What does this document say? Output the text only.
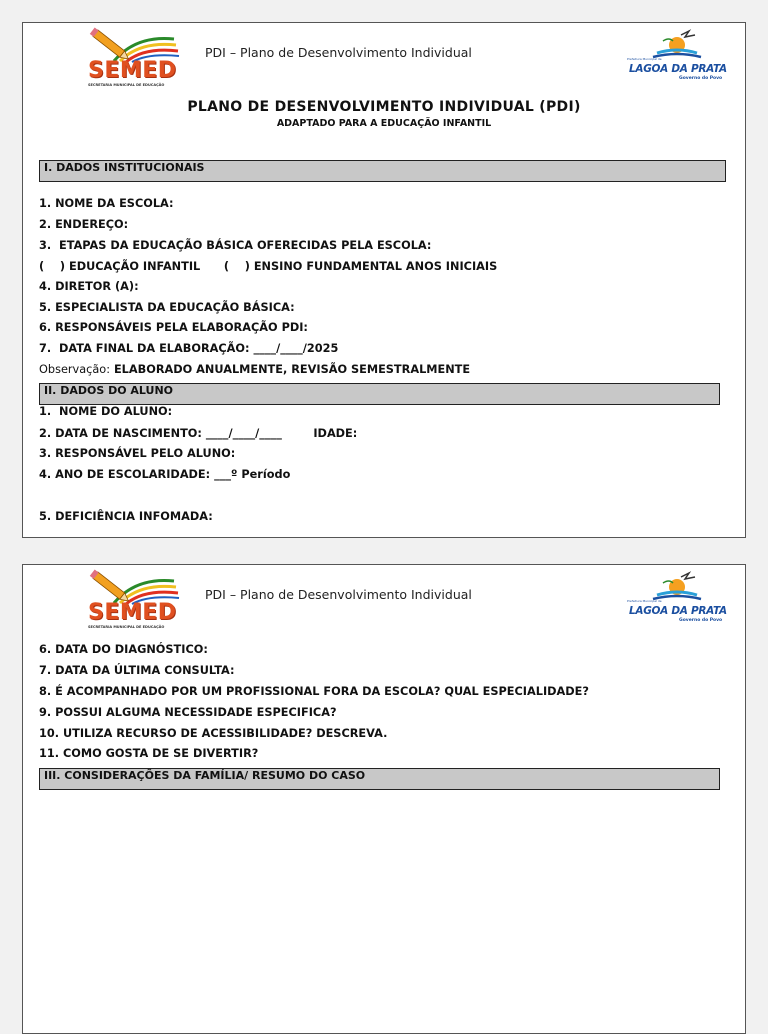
SEMED
SECRETARIA MUNICIPAL DE EDUCAÇÃO
PDI – Plano de Desenvolvimento Individual	Prefeitura Municipal de
LAGOA DA PRATA
Governo do Povo
PLANO DE DESENVOLVIMENTO INDIVIDUAL (PDI)
ADAPTADO PARA A EDUCAÇÃO INFANTIL
I. DADOS INSTITUCIONAIS
1. NOME DA ESCOLA:
2. ENDEREÇO:
3.  ETAPAS DA EDUCAÇÃO BÁSICA OFERECIDAS PELA ESCOLA:
(    ) EDUCAÇÃO INFANTIL      (    ) ENSINO FUNDAMENTAL ANOS INICIAIS
4. DIRETOR (A):
5. ESPECIALISTA DA EDUCAÇÃO BÁSICA:
6. RESPONSÁVEIS PELA ELABORAÇÃO PDI:
7.  DATA FINAL DA ELABORAÇÃO: ____/____/2025
Observação: ELABORADO ANUALMENTE, REVISÃO SEMESTRALMENTE
II. DADOS DO ALUNO
1.  NOME DO ALUNO:
2. DATA DE NASCIMENTO: ____/____/____        IDADE:
3. RESPONSÁVEL PELO ALUNO:
4. ANO DE ESCOLARIDADE: ___º Período
5. DEFICIÊNCIA INFOMADA:
SEMED
SECRETARIA MUNICIPAL DE EDUCAÇÃO
PDI – Plano de Desenvolvimento Individual	Prefeitura Municipal de
LAGOA DA PRATA
Governo do Povo
6. DATA DO DIAGNÓSTICO:
7. DATA DA ÚLTIMA CONSULTA:
8. É ACOMPANHADO POR UM PROFISSIONAL FORA DA ESCOLA? QUAL ESPECIALIDADE?
9. POSSUI ALGUMA NECESSIDADE ESPECIFICA?
10. UTILIZA RECURSO DE ACESSIBILIDADE? DESCREVA.
11. COMO GOSTA DE SE DIVERTIR?
III. CONSIDERAÇÕES DA FAMÍLIA/ RESUMO DO CASO
